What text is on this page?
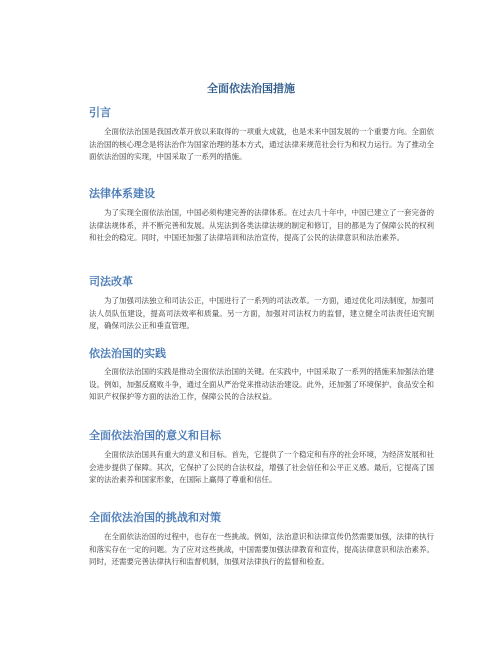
全面依法治国措施
引言

全面依法治国是我国改革开放以来取得的一项重大成就，也是未来中国发展的一个重要方向。全面依法治国的核心理念是将法治作为国家治理的基本方式，通过法律来规范社会行为和权力运行。为了推动全面依法治国的实现，中国采取了一系列的措施。

法律体系建设

为了实现全面依法治国，中国必须构建完善的法律体系。在过去几十年中，中国已建立了一套完备的法律法规体系，并不断完善和发展。从宪法到各类法律法规的制定和修订，目的都是为了保障公民的权利和社会的稳定。同时，中国还加强了法律培训和法治宣传，提高了公民的法律意识和法治素养。

司法改革

为了加强司法独立和司法公正，中国进行了一系列的司法改革。一方面，通过优化司法制度，加强司法人员队伍建设，提高司法效率和质量。另一方面，加强对司法权力的监督，建立健全司法责任追究制度，确保司法公正和垂直管理。

依法治国的实践

全面依法治国的实践是推动全面依法治国的关键。在实践中，中国采取了一系列的措施来加强法治建设。例如，加强反腐败斗争，通过全面从严治党来推动法治建设。此外，还加强了环境保护、食品安全和知识产权保护等方面的法治工作，保障公民的合法权益。

全面依法治国的意义和目标

全面依法治国具有重大的意义和目标。首先，它提供了一个稳定和有序的社会环境，为经济发展和社会进步提供了保障。其次，它保护了公民的合法权益，增强了社会信任和公平正义感。最后，它提高了国家的法治素养和国家形象，在国际上赢得了尊重和信任。

全面依法治国的挑战和对策

在全面依法治国的过程中，也存在一些挑战。例如，法治意识和法律宣传仍然需要加强，法律的执行和落实存在一定的问题。为了应对这些挑战，中国需要加强法律教育和宣传，提高法律意识和法治素养。同时，还需要完善法律执行和监督机制，加强对法律执行的监督和检查。
